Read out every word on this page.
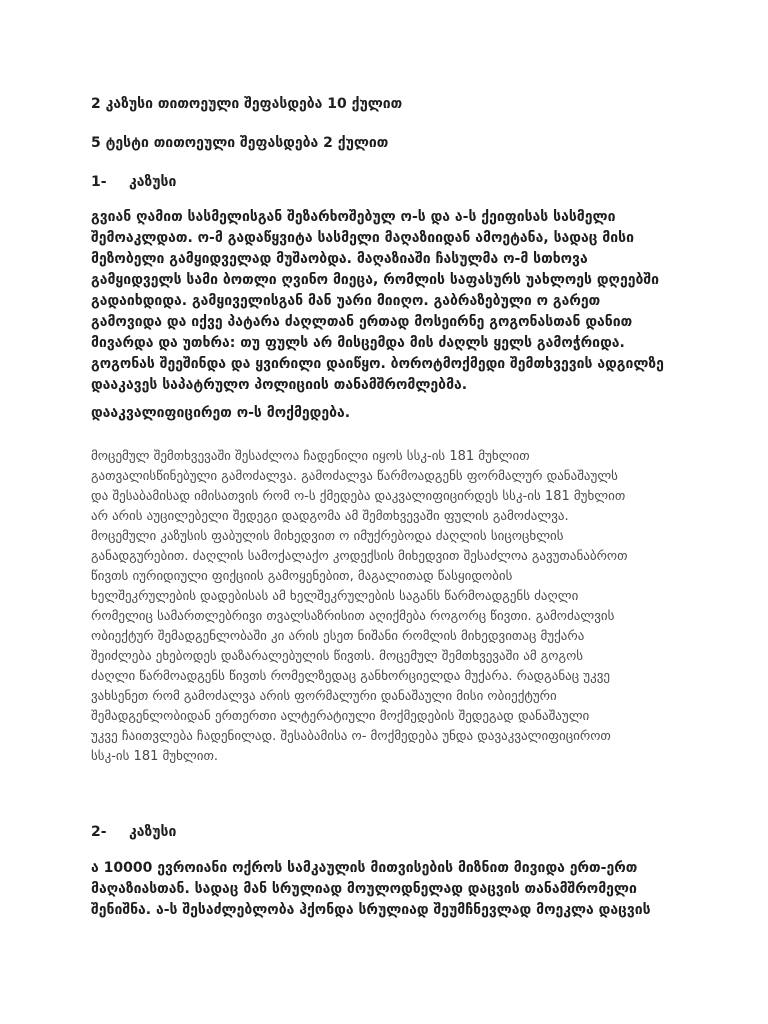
2 კაზუსი თითოეული შეფასდება 10 ქულით

5 ტესტი თითოეული შეფასდება 2 ქულით

1- კაზუსი

გვიან ღამით სასმელისგან შეზარხოშებულ ო-ს და ა-ს ქეიფისას სასმელი
შემოაკლდათ. ო-მ გადაწყვიტა სასმელი მაღაზიიდან ამოეტანა, სადაც მისი
მეზობელი გამყიდველად მუშაობდა. მაღაზიაში ჩასულმა ო-მ სთხოვა
გამყიდველს სამი ბოთლი ღვინო მიეცა, რომლის საფასურს უახლოეს დღეებში
გადაიხდიდა. გამყიველისგან მან უარი მიიღო. გაბრაზებული ო გარეთ
გამოვიდა და იქვე პატარა ძაღლთან ერთად მოსეირნე გოგონასთან დანით
მივარდა და უთხრა: თუ ფულს არ მისცემდა მის ძაღლს ყელს გამოჭრიდა.
გოგონას შეეშინდა და ყვირილი დაიწყო. ბოროტმოქმედი შემთხვევის ადგილზე
დააკავეს საპატრულო პოლიციის თანამშრომლებმა.

დააკვალიფიცირეთ ო-ს მოქმედება.

მოცემულ შემთხვევაში შესაძლოა ჩადენილი იყოს სსკ-ის 181 მუხლით
გათვალისწინებული გამოძალვა. გამოძალვა წარმოადგენს ფორმალურ დანაშაულს
და შესაბამისად იმისათვის რომ ო-ს ქმედება დაკვალიფიცირდეს სსკ-ის 181 მუხლით
არ არის აუცილებელი შედეგი დადგომა ამ შემთხვევაში ფულის გამოძალვა.
მოცემული კაზუსის ფაბულის მიხედვით ო იმუქრებოდა ძაღლის სიცოცხლის
განადგურებით. ძაღლის სამოქალაქო კოდექსის მიხედვით შესაძლოა გავუთანაბროთ
წივთს იურიდიული ფიქციის გამოყენებით, მაგალითად წასყიდობის
ხელშეკრულების დადებისას ამ ხელშეკრულების საგანს წარმოადგენს ძაღლი
რომელიც სამართლებრივი თვალსაზრისით აღიქმება როგორც წივთი. გამოძალვის
ობიექტურ შემადგენლობაში კი არის ესეთ ნიშანი რომლის მიხედვითაც მუქარა
შეიძლება ეხებოდეს დაზარალებულის წივთს. მოცემულ შემთხვევაში ამ გოგოს
ძაღლი წარმოადგენს წივთს რომელზედაც განხორციელდა მუქარა. რადგანაც უკვე
ვახსენეთ რომ გამოძალვა არის ფორმალური დანაშაული მისი ობიექტური
შემადგენლობიდან ერთერთი ალტერატიული მოქმედების შედეგად დანაშაული
უკვე ჩაითვლება ჩადენილად. შესაბამისა ო- მოქმედება უნდა დავაკვალიფიციროთ
სსკ-ის 181 მუხლით.

2- კაზუსი

ა 10000 ევროიანი ოქროს სამკაულის მითვისების მიზნით მივიდა ერთ-ერთ
მაღაზიასთან. სადაც მან სრულიად მოულოდნელად დაცვის თანამშრომელი
შენიშნა. ა-ს შესაძლებლობა ჰქონდა სრულიად შეუმჩნევლად მოეკლა დაცვის
